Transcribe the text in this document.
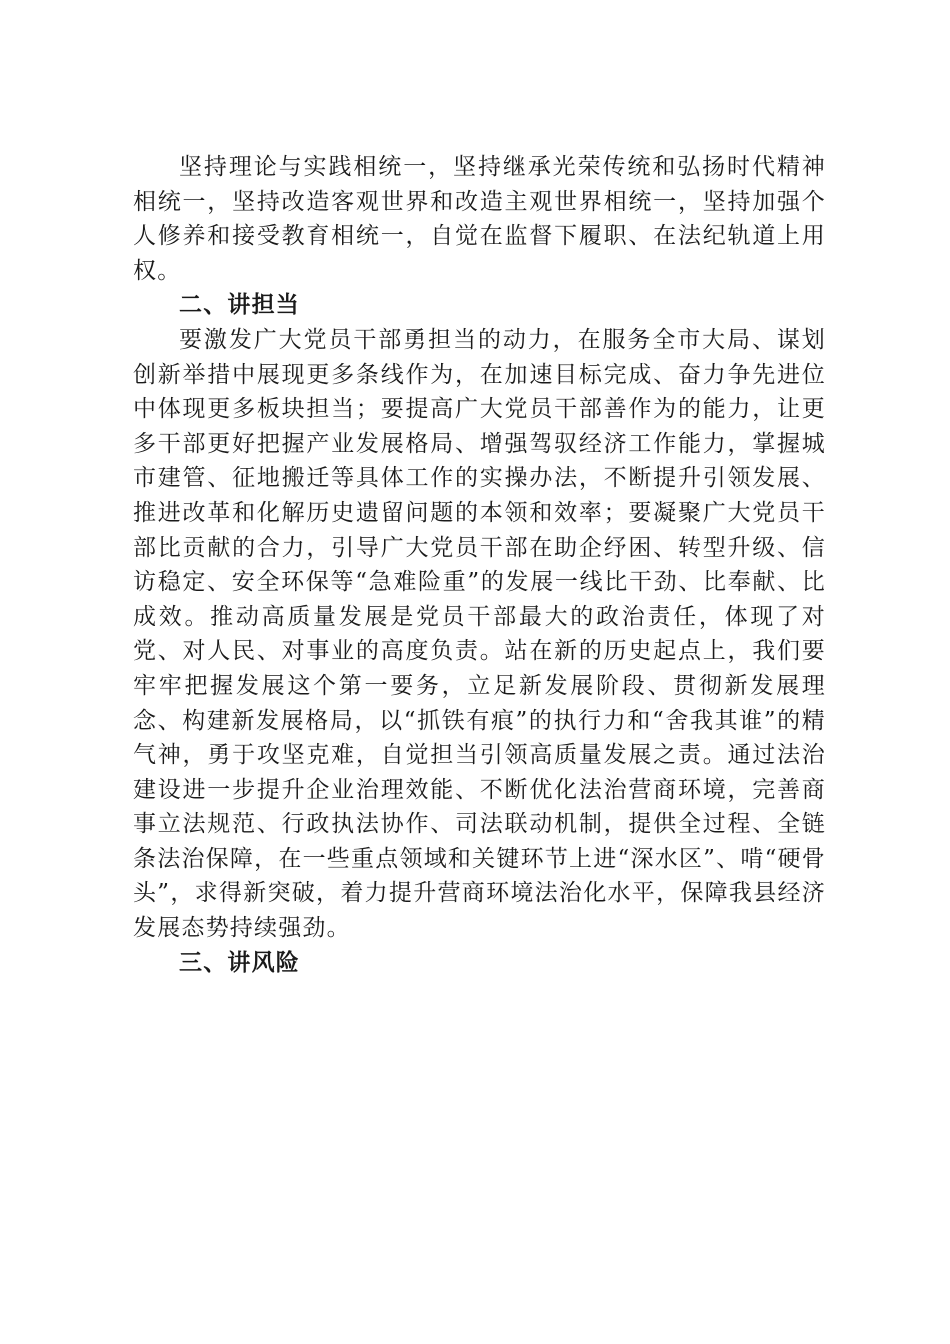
坚持理论与实践相统一，坚持继承光荣传统和弘扬时代精神相统一，坚持改造客观世界和改造主观世界相统一，坚持加强个人修养和接受教育相统一，自觉在监督下履职、在法纪轨道上用权。

二、讲担当

要激发广大党员干部勇担当的动力，在服务全市大局、谋划创新举措中展现更多条线作为，在加速目标完成、奋力争先进位中体现更多板块担当；要提高广大党员干部善作为的能力，让更多干部更好把握产业发展格局、增强驾驭经济工作能力，掌握城市建管、征地搬迁等具体工作的实操办法，不断提升引领发展、推进改革和化解历史遗留问题的本领和效率；要凝聚广大党员干部比贡献的合力，引导广大党员干部在助企纾困、转型升级、信访稳定、安全环保等“急难险重”的发展一线比干劲、比奉献、比成效。推动高质量发展是党员干部最大的政治责任，体现了对党、对人民、对事业的高度负责。站在新的历史起点上，我们要牢牢把握发展这个第一要务，立足新发展阶段、贯彻新发展理念、构建新发展格局，以“抓铁有痕”的执行力和“舍我其谁”的精气神，勇于攻坚克难，自觉担当引领高质量发展之责。通过法治建设进一步提升企业治理效能、不断优化法治营商环境，完善商事立法规范、行政执法协作、司法联动机制，提供全过程、全链条法治保障，在一些重点领域和关键环节上进“深水区”、啃“硬骨头”，求得新突破，着力提升营商环境法治化水平，保障我县经济发展态势持续强劲。

三、讲风险
